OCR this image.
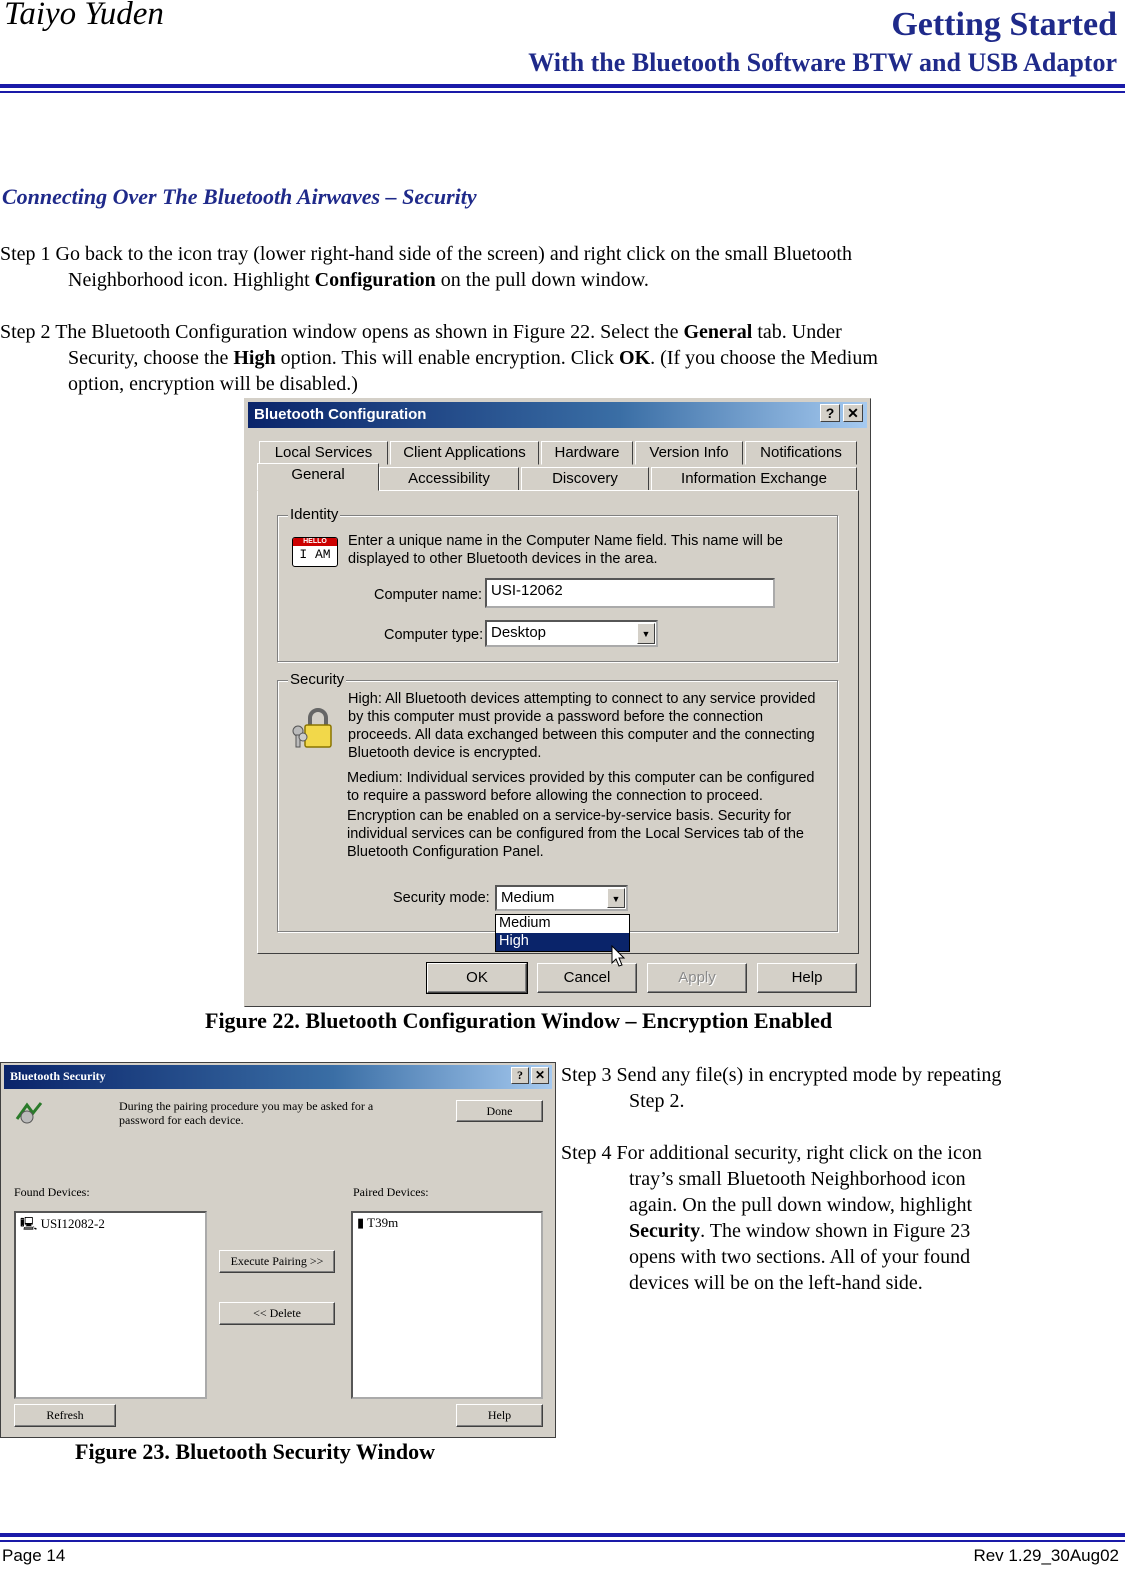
Taiyo Yuden	Getting Started
With the Bluetooth Software BTW and USB Adaptor
Connecting Over The Bluetooth Airwaves – Security
Step 1 Go back to the icon tray (lower right-hand side of the screen) and right click on the small Bluetooth
Neighborhood icon. Highlight Configuration on the pull down window.
Step 2 The Bluetooth Configuration window opens as shown in Figure 22. Select the General tab. Under
Security, choose the High option. This will enable encryption. Click OK. (If you choose the Medium
option, encryption will be disabled.)
Bluetooth Configuration	? ✕
Local Services	Client Applications	Hardware	Version Info	Notifications
General	Accessibility	Discovery	Information Exchange
Identity
HELLO
I AM
Enter a unique name in the Computer Name field. This name will be displayed to other Bluetooth devices in the area.
Computer name: USI-12062
Computer type: Desktop	▼
Security
High: All Bluetooth devices attempting to connect to any service provided by this computer must provide a password before the connection proceeds. All data exchanged between this computer and the connecting Bluetooth device is encrypted.
Medium: Individual services provided by this computer can be configured to require a password before allowing the connection to proceed.
Encryption can be enabled on a service-by-service basis. Security for individual services can be configured from the Local Services tab of the Bluetooth Configuration Panel.
Security mode: Medium	▼
Medium
High
OK	Cancel	Apply	Help
Figure 22. Bluetooth Configuration Window – Encryption Enabled
Bluetooth Security	? ✕
During the pairing procedure you may be asked for a password for each device.
Done
Found Devices:	Paired Devices:
🖳 USI12082-2	▮ T39m
Execute Pairing >>
<< Delete
Refresh	Help
Figure 23. Bluetooth Security Window
Step 3 Send any file(s) in encrypted mode by repeating
Step 2.
Step 4 For additional security, right click on the icon
tray’s small Bluetooth Neighborhood icon
again. On the pull down window, highlight
Security. The window shown in Figure 23
opens with two sections. All of your found
devices will be on the left-hand side.
Page 14	Rev 1.29_30Aug02
